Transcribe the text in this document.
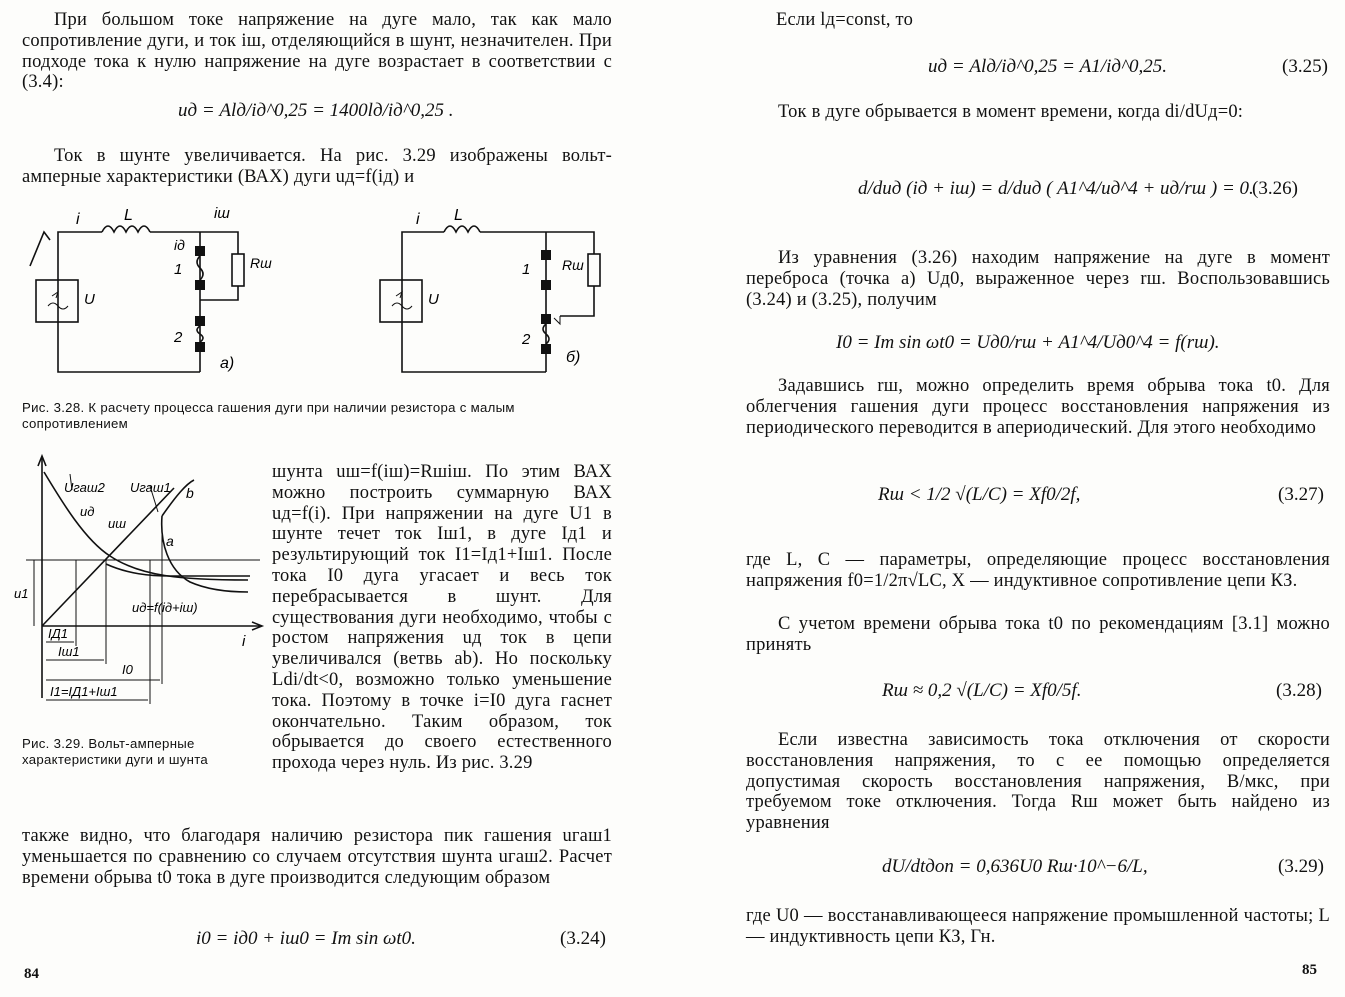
При большом токе напряжение на дуге мало, так как мало сопротивление дуги, и ток iш, отделяющийся в шунт, незначителен. При подходе тока к нулю напряжение на дуге возрастает в соответствии с (3.4):

uд = Alд/iд^0,25 = 1400lд/iд^0,25 .

Ток в шунте увеличивается. На рис. 3.29 изображены вольт-амперные характеристики (ВАХ) дуги uд=f(iд) и

i	L	iш
iд
Rш
U
1
2
а)
i L
Rш
U
1
2
б)

Рис. 3.28. К расчету процесса гашения дуги при наличии резистора с малым сопротивлением

Uгаш2 Uгаш1 b
uд
uш
a
u1
uд=f(iд+iш)
i
IД1
Iш1
I0
I1=IД1+Iш1

Рис. 3.29. Вольт-амперные характеристики дуги и шунта

шунта uш=f(iш)=Rшiш. По этим ВАХ можно построить суммарную ВАХ uд=f(i). При напряжении на дуге U1 в шунте течет ток Iш1, в дуге Iд1 и результирующий ток I1=Iд1+Iш1. После тока I0 дуга угасает и весь ток перебрасывается в шунт. Для существования дуги необходимо, чтобы с ростом напряжения uд ток в цепи увеличивался (ветвь ab). Но поскольку Ldi/dt<0, возможно только уменьшение тока. Поэтому в точке i=I0 дуга гаснет окончательно. Таким образом, ток обрывается до своего естественного прохода через нуль. Из рис. 3.29

также видно, что благодаря наличию резистора пик гашения uгаш1 уменьшается по сравнению со случаем отсутствия шунта uгаш2. Расчет времени обрыва t0 тока в дуге производится следующим образом

i0 = iд0 + iш0 = Im sin ωt0.	(3.24)
84

Если lд=const, то

uд = Alд/iд^0,25 = A1/iд^0,25.	(3.25)

Ток в дуге обрывается в момент времени, когда di/dUд=0:

d/duд (iд + iш) = d/duд ( A1^4/uд^4 + uд/rш ) = 0.
(3.26)

Из уравнения (3.26) находим напряжение на дуге в момент переброса (точка a) Uд0, выраженное через rш. Воспользовавшись (3.24) и (3.25), получим

I0 = Im sin ωt0 = Uд0/rш + A1^4/Uд0^4 = f(rш).

Задавшись rш, можно определить время обрыва тока t0. Для облегчения гашения дуги процесс восстановления напряжения из периодического переводится в апериодический. Для этого необходимо

Rш < 1/2 √(L/C) = Xf0/2f,	(3.27)

где L, C — параметры, определяющие процесс восстановления напряжения f0=1/2π√LC, X — индуктивное сопротивление цепи КЗ.

С учетом времени обрыва тока t0 по рекомендациям [3.1] можно принять

Rш ≈ 0,2 √(L/C) = Xf0/5f.	(3.28)

Если известна зависимость тока отключения от скорости восстановления напряжения, то с ее помощью определяется допустимая скорость восстановления напряжения, В/мкс, при требуемом токе отключения. Тогда Rш может быть найдено из уравнения

dU/dtдоп = 0,636U0 Rш·10^−6/L,	(3.29)

где U0 — восстанавливающееся напряжение промышленной частоты; L — индуктивность цепи КЗ, Гн.

85
